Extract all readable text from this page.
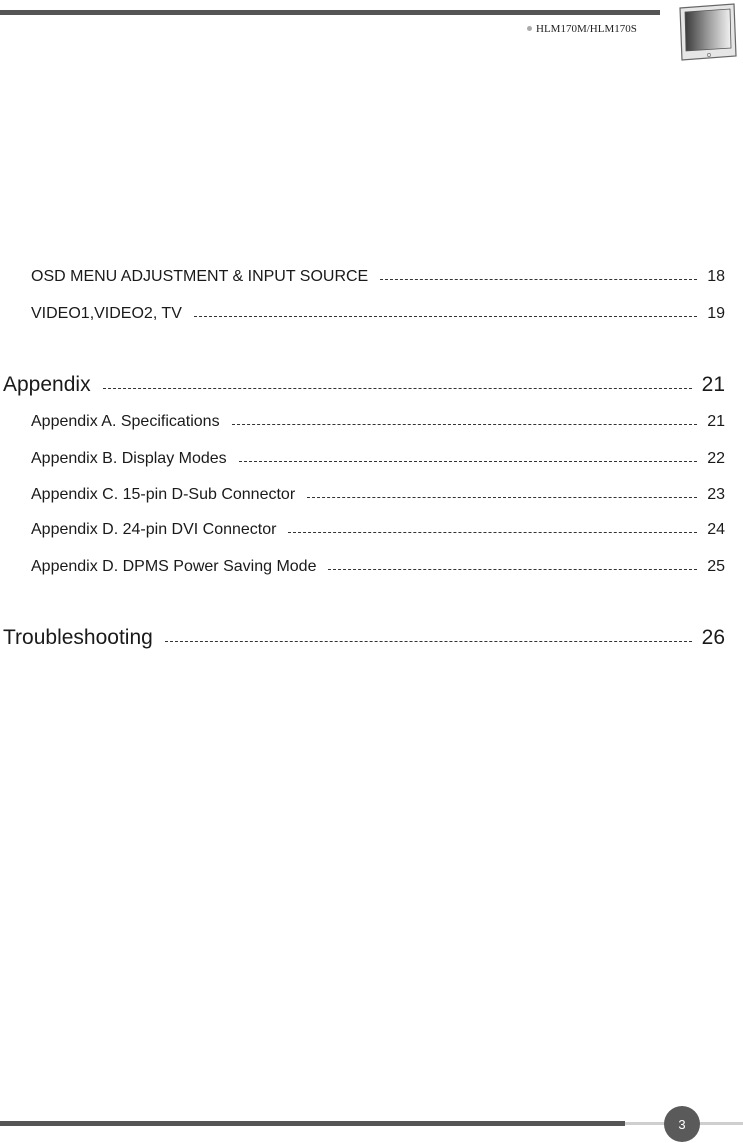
HLM170M/HLM170S
OSD MENU ADJUSTMENT & INPUT SOURCE	18
VIDEO1,VIDEO2, TV	19
Appendix	21
Appendix A. Specifications	21
Appendix B. Display Modes	22
Appendix C. 15-pin D-Sub Connector	23
Appendix D. 24-pin DVI Connector	24
Appendix D. DPMS Power Saving Mode	25
Troubleshooting	26
3
